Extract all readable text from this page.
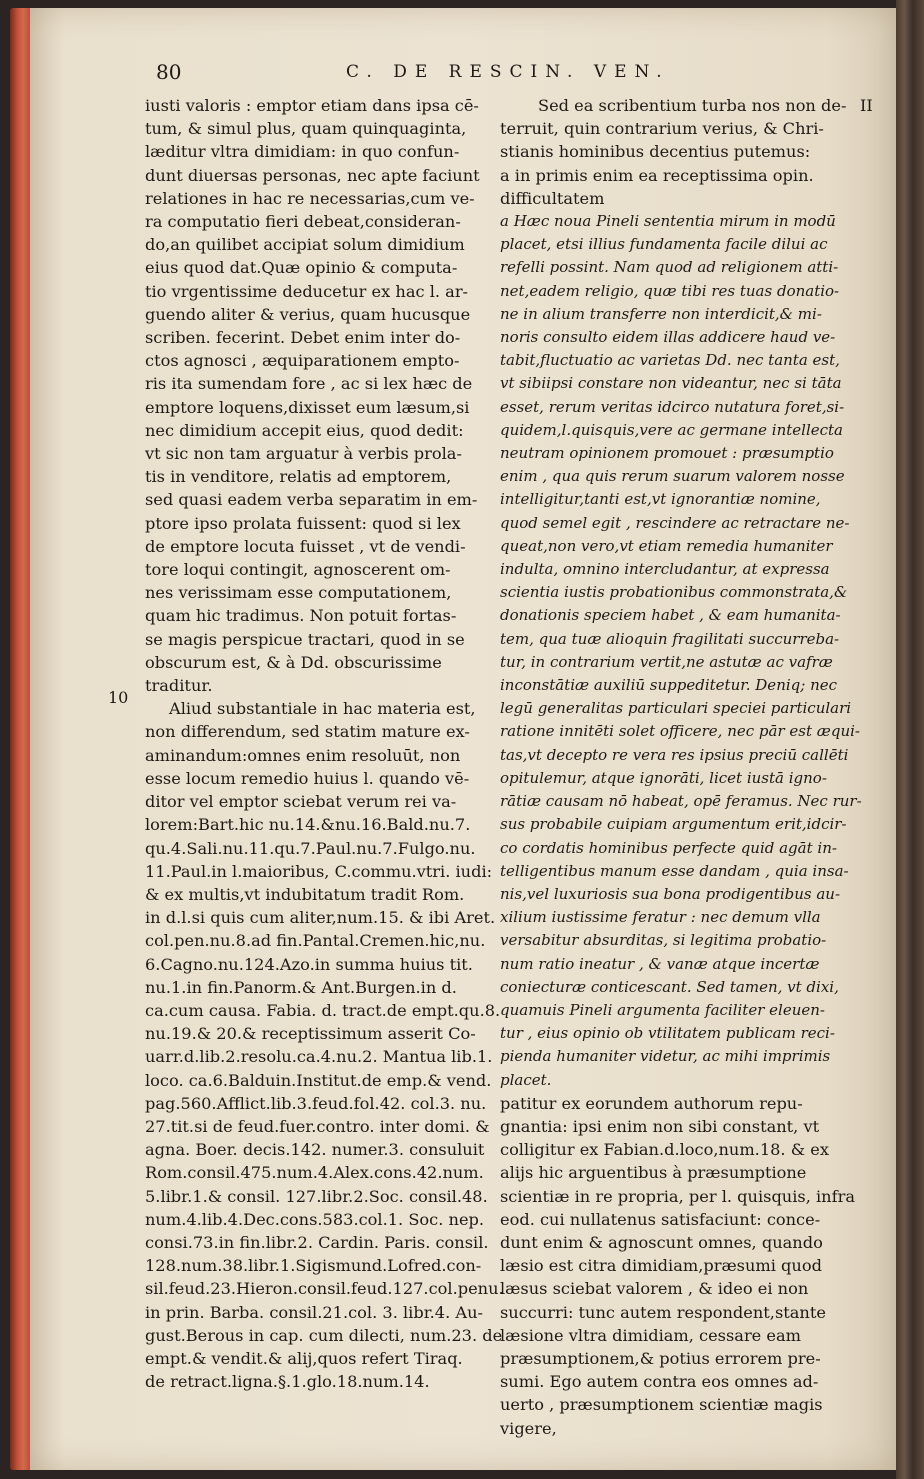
80	C. DE RESCIN. VEN.
10
II

iusti valoris : emptor etiam dans ipsa cē-

tum, & simul plus, quam quinquaginta,

læditur vltra dimidiam: in quo confun-

dunt diuersas personas, nec apte faciunt

relationes in hac re necessarias,cum ve-

ra computatio fieri debeat,consideran-

do,an quilibet accipiat solum dimidium

eius quod dat.Quæ opinio & computa-

tio vrgentissime deducetur ex hac l. ar-

guendo aliter & verius, quam hucusque

scriben. fecerint. Debet enim inter do-

ctos agnosci , æquiparationem empto-

ris ita sumendam fore , ac si lex hæc de

emptore loquens,dixisset eum læsum,si

nec dimidium accepit eius, quod dedit:

vt sic non tam arguatur à verbis prola-

tis in venditore, relatis ad emptorem,

sed quasi eadem verba separatim in em-

ptore ipso prolata fuissent: quod si lex

de emptore locuta fuisset , vt de vendi-

tore loqui contingit, agnoscerent om-

nes verissimam esse computationem,

quam hic tradimus. Non potuit fortas-

se magis perspicue tractari, quod in se

obscurum est, & à Dd. obscurissime

traditur.

Aliud substantiale in hac materia est,

non differendum, sed statim mature ex-

aminandum:omnes enim resoluūt, non

esse locum remedio huius l. quando vē-

ditor vel emptor sciebat verum rei va-

lorem:Bart.hic nu.14.&nu.16.Bald.nu.7.

qu.4.Sali.nu.11.qu.7.Paul.nu.7.Fulgo.nu.

11.Paul.in l.maioribus, C.commu.vtri. iudi:

& ex multis,vt indubitatum tradit Rom.

in d.l.si quis cum aliter,num.15. & ibi Aret.

col.pen.nu.8.ad fin.Pantal.Cremen.hic,nu.

6.Cagno.nu.124.Azo.in summa huius tit.

nu.1.in fin.Panorm.& Ant.Burgen.in d.

ca.cum causa. Fabia. d. tract.de empt.qu.8.

nu.19.& 20.& receptissimum asserit Co-

uarr.d.lib.2.resolu.ca.4.nu.2. Mantua lib.1.

loco. ca.6.Balduin.Institut.de emp.& vend.

pag.560.Afflict.lib.3.feud.fol.42. col.3. nu.

27.tit.si de feud.fuer.contro. inter domi. &

agna. Boer. decis.142. numer.3. consuluit

Rom.consil.475.num.4.Alex.cons.42.num.

5.libr.1.& consil. 127.libr.2.Soc. consil.48.

num.4.lib.4.Dec.cons.583.col.1. Soc. nep.

consi.73.in fin.libr.2. Cardin. Paris. consil.

128.num.38.libr.1.Sigismund.Lofred.con-

sil.feud.23.Hieron.consil.feud.127.col.penu.

in prin. Barba. consil.21.col. 3. libr.4. Au-

gust.Berous in cap. cum dilecti, num.23. de

empt.& vendit.& alij,quos refert Tiraq.

de retract.ligna.§.1.glo.18.num.14.

Sed ea scribentium turba nos non de-

terruit, quin contrarium verius, & Chri-

stianis hominibus decentius putemus:

a in primis enim ea receptissima opin.

difficultatem

a Hæc noua Pineli sententia mirum in modū

placet, etsi illius fundamenta facile dilui ac

refelli possint. Nam quod ad religionem atti-

net,eadem religio, quæ tibi res tuas donatio-

ne in alium transferre non interdicit,& mi-

noris consulto eidem illas addicere haud ve-

tabit,fluctuatio ac varietas Dd. nec tanta est,

vt sibiipsi constare non videantur, nec si tāta

esset, rerum veritas idcirco nutatura foret,si-

quidem,l.quisquis,vere ac germane intellecta

neutram opinionem promouet : præsumptio

enim , qua quis rerum suarum valorem nosse

intelligitur,tanti est,vt ignorantiæ nomine,

quod semel egit , rescindere ac retractare ne-

queat,non vero,vt etiam remedia humaniter

indulta, omnino intercludantur, at expressa

scientia iustis probationibus commonstrata,&

donationis speciem habet , & eam humanita-

tem, qua tuæ alioquin fragilitati succurreba-

tur, in contrarium vertit,ne astutæ ac vafræ

inconstātiæ auxiliū suppeditetur. Deniq; nec

legū generalitas particulari speciei particulari

ratione innitēti solet officere, nec pār est æqui-

tas,vt decepto re vera res ipsius preciū callēti

opitulemur, atque ignorāti, licet iustā igno-

rātiæ causam nō habeat, opē feramus. Nec rur-

sus probabile cuipiam argumentum erit,idcir-

co cordatis hominibus perfecte quid agāt in-

telligentibus manum esse dandam , quia insa-

nis,vel luxuriosis sua bona prodigentibus au-

xilium iustissime feratur : nec demum vlla

versabitur absurditas, si legitima probatio-

num ratio ineatur , & vanæ atque incertæ

coniecturæ conticescant. Sed tamen, vt dixi,

quamuis Pineli argumenta faciliter eleuen-

tur , eius opinio ob vtilitatem publicam reci-

pienda humaniter videtur, ac mihi imprimis

placet.

patitur ex eorundem authorum repu-

gnantia: ipsi enim non sibi constant, vt

colligitur ex Fabian.d.loco,num.18. & ex

alijs hic arguentibus à præsumptione

scientiæ in re propria, per l. quisquis, infra

eod. cui nullatenus satisfaciunt: conce-

dunt enim & agnoscunt omnes, quando

læsio est citra dimidiam,præsumi quod

læsus sciebat valorem , & ideo ei non

succurri: tunc autem respondent,stante

læsione vltra dimidiam, cessare eam

præsumptionem,& potius errorem pre-

sumi. Ego autem contra eos omnes ad-

uerto , præsumptionem scientiæ magis

vigere,
